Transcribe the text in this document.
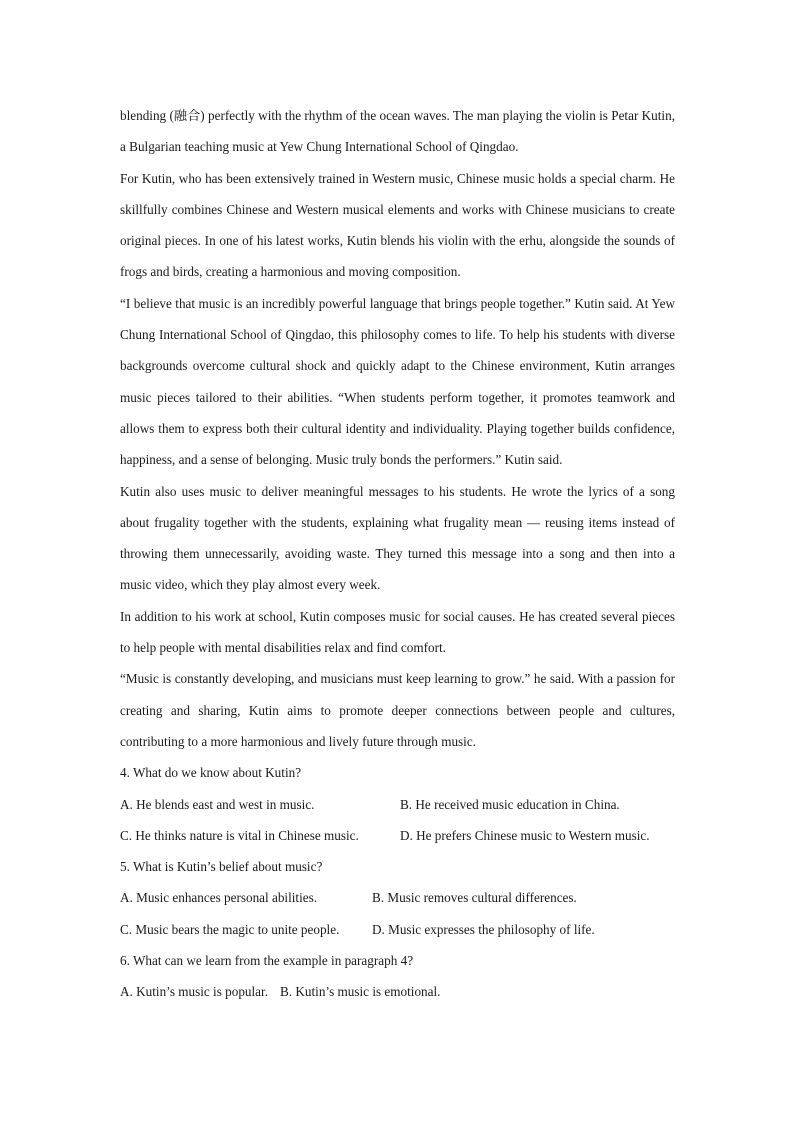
blending (融合) perfectly with the rhythm of the ocean waves. The man playing the violin is Petar Kutin, a Bulgarian teaching music at Yew Chung International School of Qingdao.

For Kutin, who has been extensively trained in Western music, Chinese music holds a special charm. He skillfully combines Chinese and Western musical elements and works with Chinese musicians to create original pieces. In one of his latest works, Kutin blends his violin with the erhu, alongside the sounds of frogs and birds, creating a harmonious and moving composition.

“I believe that music is an incredibly powerful language that brings people together.” Kutin said. At Yew Chung International School of Qingdao, this philosophy comes to life. To help his students with diverse backgrounds overcome cultural shock and quickly adapt to the Chinese environment, Kutin arranges music pieces tailored to their abilities. “When students perform together, it promotes teamwork and allows them to express both their cultural identity and individuality. Playing together builds confidence, happiness, and a sense of belonging. Music truly bonds the performers.” Kutin said.

Kutin also uses music to deliver meaningful messages to his students. He wrote the lyrics of a song about frugality together with the students, explaining what frugality mean — reusing items instead of throwing them unnecessarily, avoiding waste. They turned this message into a song and then into a music video, which they play almost every week.

In addition to his work at school, Kutin composes music for social causes. He has created several pieces to help people with mental disabilities relax and find comfort.

“Music is constantly developing, and musicians must keep learning to grow.” he said. With a passion for creating and sharing, Kutin aims to promote deeper connections between people and cultures, contributing to a more harmonious and lively future through music.

4. What do we know about Kutin?

A. He blends east and west in music.	B. He received music education in China.
C. He thinks nature is vital in Chinese music.	D. He prefers Chinese music to Western music.

5. What is Kutin’s belief about music?

A. Music enhances personal abilities.	B. Music removes cultural differences.
C. Music bears the magic to unite people.	D. Music expresses the philosophy of life.

6. What can we learn from the example in paragraph 4?

A. Kutin’s music is popular. B. Kutin’s music is emotional.
